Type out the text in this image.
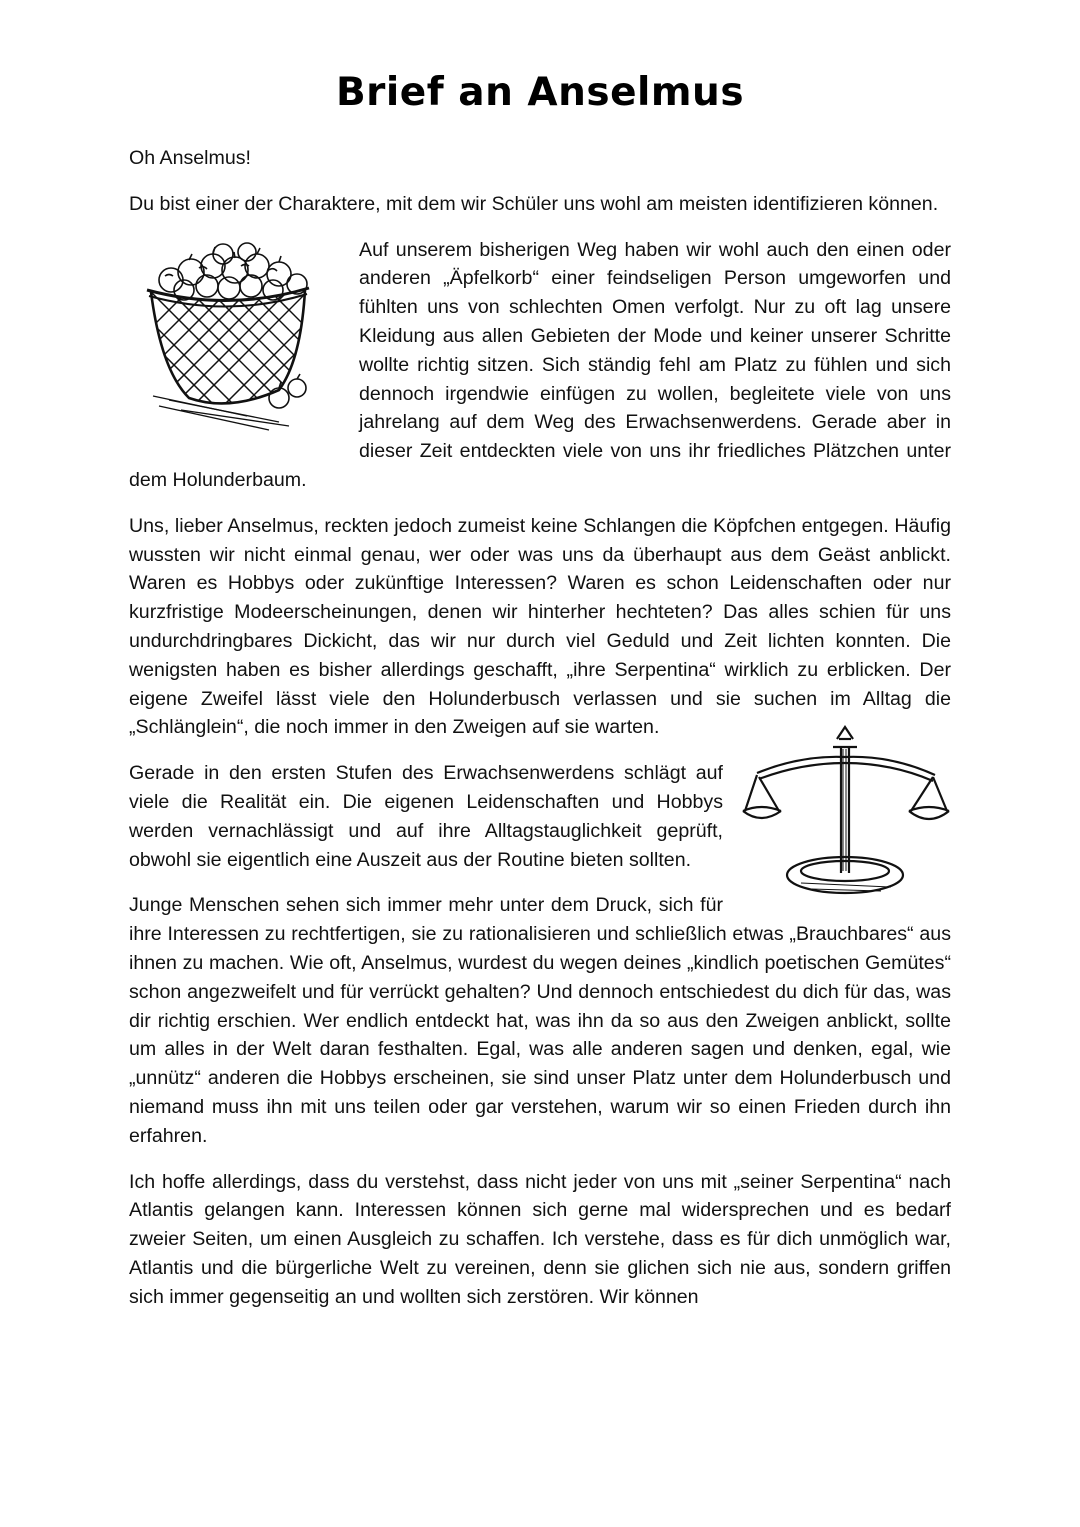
Brief an Anselmus

Oh Anselmus!

Du bist einer der Charaktere, mit dem wir Schüler uns wohl am meisten identifizieren können.

Auf unserem bisherigen Weg haben wir wohl auch den einen oder anderen „Äpfelkorb“ einer feindseligen Person umgeworfen und fühlten uns von schlechten Omen verfolgt. Nur zu oft lag unsere Kleidung aus allen Gebieten der Mode und keiner unserer Schritte wollte richtig sitzen. Sich ständig fehl am Platz zu fühlen und sich dennoch irgendwie einfügen zu wollen, begleitete viele von uns jahrelang auf dem Weg des Erwachsenwerdens. Gerade aber in dieser Zeit entdeckten viele von uns ihr friedliches Plätzchen unter dem Holunderbaum.

Uns, lieber Anselmus, reckten jedoch zumeist keine Schlangen die Köpfchen entgegen. Häufig wussten wir nicht einmal genau, wer oder was uns da überhaupt aus dem Geäst anblickt. Waren es Hobbys oder zukünftige Interessen? Waren es schon Leidenschaften oder nur kurzfristige Modeerscheinungen, denen wir hinterher hechteten? Das alles schien für uns undurchdringbares Dickicht, das wir nur durch viel Geduld und Zeit lichten konnten. Die wenigsten haben es bisher allerdings geschafft, „ihre Serpentina“ wirklich zu erblicken. Der eigene Zweifel lässt viele den Holunderbusch verlassen und sie suchen im Alltag die „Schlänglein“, die noch immer in den Zweigen auf sie warten.

Gerade in den ersten Stufen des Erwachsenwerdens schlägt auf viele die Realität ein. Die eigenen Leidenschaften und Hobbys werden vernachlässigt und auf ihre Alltagstauglichkeit geprüft, obwohl sie eigentlich eine Auszeit aus der Routine bieten sollten.

Junge Menschen sehen sich immer mehr unter dem Druck, sich für ihre Interessen zu rechtfertigen, sie zu rationalisieren und schließlich etwas „Brauchbares“ aus ihnen zu machen. Wie oft, Anselmus, wurdest du wegen deines „kindlich poetischen Gemütes“ schon angezweifelt und für verrückt gehalten? Und dennoch entschiedest du dich für das, was dir richtig erschien. Wer endlich entdeckt hat, was ihn da so aus den Zweigen anblickt, sollte um alles in der Welt daran festhalten. Egal, was alle anderen sagen und denken, egal, wie „unnütz“ anderen die Hobbys erscheinen, sie sind unser Platz unter dem Holunderbusch und niemand muss ihn mit uns teilen oder gar verstehen, warum wir so einen Frieden durch ihn erfahren.

Ich hoffe allerdings, dass du verstehst, dass nicht jeder von uns mit „seiner Serpentina“ nach Atlantis gelangen kann. Interessen können sich gerne mal widersprechen und es bedarf zweier Seiten, um einen Ausgleich zu schaffen. Ich verstehe, dass es für dich unmöglich war, Atlantis und die bürgerliche Welt zu vereinen, denn sie glichen sich nie aus, sondern griffen sich immer gegenseitig an und wollten sich zerstören. Wir können
